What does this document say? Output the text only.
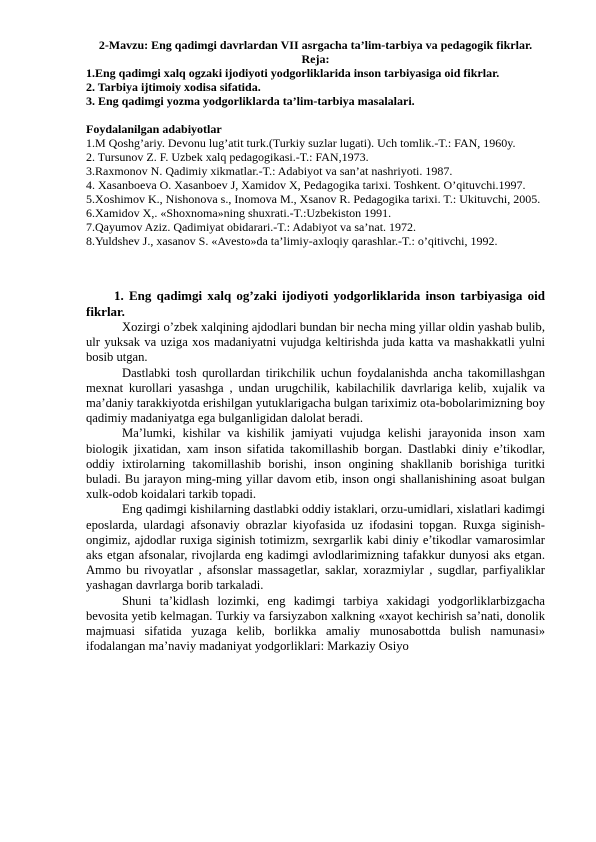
2-Mavzu: Eng qadimgi davrlardan VII asrgacha ta’lim-tarbiya va pedagogik fikrlar.

Reja:

1.Eng qadimgi xalq ogzaki ijodiyoti yodgorliklarida inson tarbiyasiga oid fikrlar.

2. Tarbiya ijtimoiy xodisa sifatida.

3. Eng qadimgi yozma yodgorliklarda ta’lim-tarbiya masalalari.

Foydalanilgan adabiyotlar

1.M Qoshg’ariy. Devonu lug’atit turk.(Turkiy suzlar lugati). Uch tomlik.-T.: FAN, 1960y.

2. Tursunov Z. F. Uzbek xalq pedagogikasi.-T.: FAN,1973.

3.Raxmonov N. Qadimiy xikmatlar.-T.: Adabiyot va san’at nashriyoti. 1987.

4. Xasanboeva O. Xasanboev J, Xamidov X, Pedagogika tarixi. Toshkent. O’qituvchi.1997.

5.Xoshimov K., Nishonova s., Inomova M., Xsanov R. Pedagogika tarixi. T.: Ukituvchi, 2005.

6.Xamidov X,. «Shoxnoma»ning shuxrati.-T.:Uzbekiston 1991.

7.Qayumov Aziz. Qadimiyat obidarari.-T.: Adabiyot va sa’nat. 1972.

8.Yuldshev J., xasanov S. «Avesto»da ta’limiy-axloqiy qarashlar.-T.: o’qitivchi, 1992.

1. Eng qadimgi xalq og’zaki ijodiyoti yodgorliklarida inson tarbiyasiga oid fikrlar.

Xozirgi o’zbek xalqining ajdodlari bundan bir necha ming yillar oldin yashab bulib, ulr yuksak va uziga xos madaniyatni vujudga keltirishda juda katta va mashakkatli yulni bosib utgan.

Dastlabki tosh qurollardan tirikchilik uchun foydalanishda ancha takomillashgan mexnat kurollari yasashga , undan urugchilik, kabilachilik davrlariga kelib, xujalik va ma’daniy tarakkiyotda erishilgan yutuklarigacha bulgan tariximiz ota-bobolarimizning boy qadimiy madaniyatga ega bulganligidan dalolat beradi.

Ma’lumki, kishilar va kishilik jamiyati vujudga kelishi jarayonida inson xam biologik jixatidan, xam inson sifatida takomillashib borgan. Dastlabki diniy e’tikodlar, oddiy ixtirolarning takomillashib borishi, inson ongining shakllanib borishiga turitki buladi. Bu jarayon ming-ming yillar davom etib, inson ongi shallanishining asoat bulgan xulk-odob koidalari tarkib topadi.

Eng qadimgi kishilarning dastlabki oddiy istaklari, orzu-umidlari, xislatlari kadimgi eposlarda, ulardagi afsonaviy obrazlar kiyofasida uz ifodasini topgan. Ruxga siginish-ongimiz, ajdodlar ruxiga siginish totimizm, sexrgarlik kabi diniy e’tikodlar vamarosimlar aks etgan afsonalar, rivojlarda eng kadimgi avlodlarimizning tafakkur dunyosi aks etgan. Ammo bu rivoyatlar , afsonslar massagetlar, saklar, xorazmiylar , sugdlar, parfiyaliklar yashagan davrlarga borib tarkaladi.

Shuni ta’kidlash lozimki, eng kadimgi tarbiya xakidagi yodgorliklarbizgacha bevosita yetib kelmagan. Turkiy va farsiyzabon xalkning «xayot kechirish sa’nati, donolik majmuasi sifatida yuzaga kelib, borlikka amaliy munosabottda bulish namunasi» ifodalangan ma’naviy madaniyat yodgorliklari: Markaziy Osiyo
